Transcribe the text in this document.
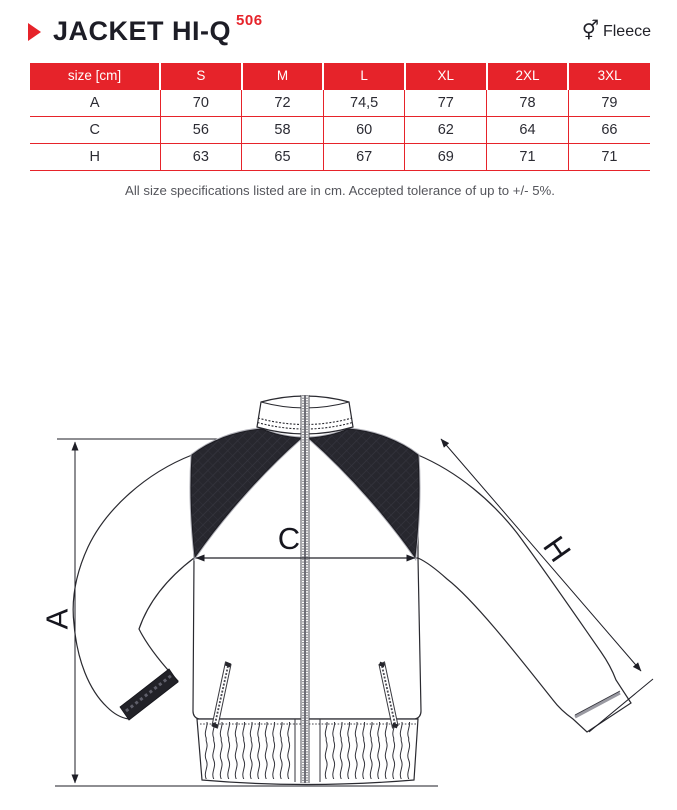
JACKET HI-Q $^{506}$
⚥ Fleece
size [cm]	S	M	L	XL	2XL	3XL
A	70	72	74,5	77	78	79
C	56	58	60	62	64	66
H	63	65	67	69	71	71

All size specifications listed are in cm. Accepted tolerance of up to +/- 5%.

A
C	H
